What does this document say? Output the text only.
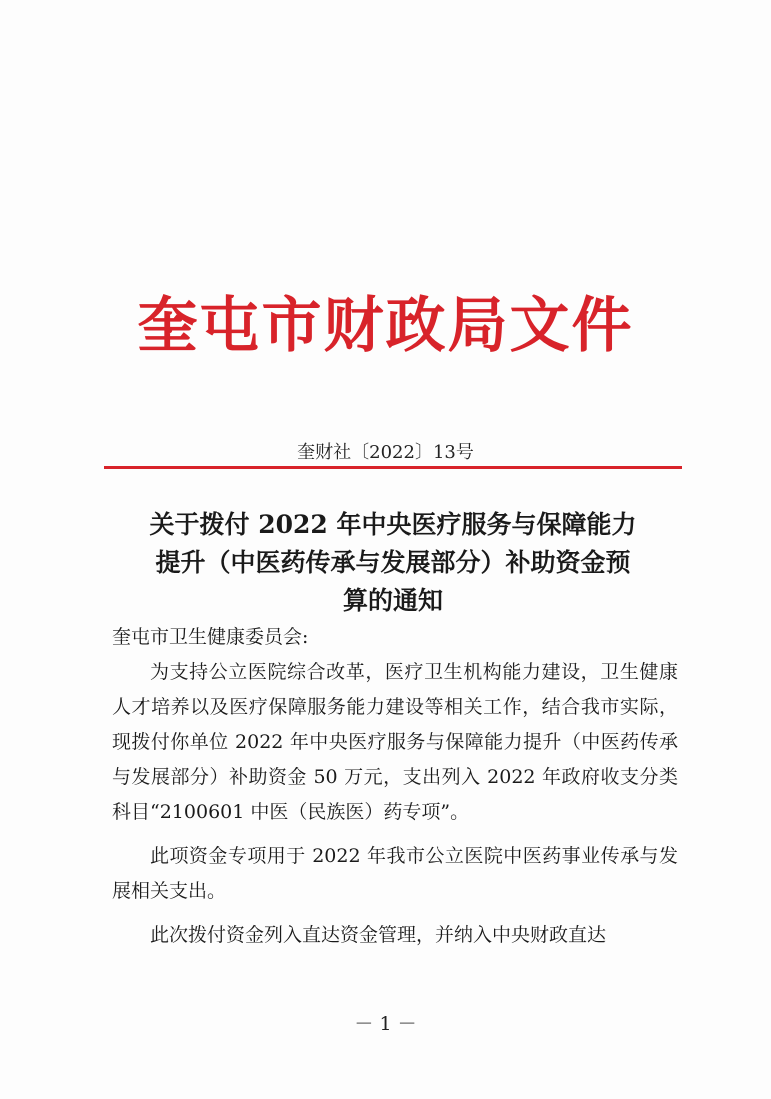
奎屯市财政局文件
奎财社〔2022〕13号
关于拨付 2022 年中央医疗服务与保障能力
提升（中医药传承与发展部分）补助资金预
算的通知

奎屯市卫生健康委员会:

为支持公立医院综合改革，医疗卫生机构能力建设，卫生健康人才培养以及医疗保障服务能力建设等相关工作，结合我市实际，现拨付你单位 2022 年中央医疗服务与保障能力提升（中医药传承与发展部分）补助资金 50 万元，支出列入 2022 年政府收支分类科目“2100601 中医（民族医）药专项”。

此项资金专项用于 2022 年我市公立医院中医药事业传承与发展相关支出。

此次拨付资金列入直达资金管理，并纳入中央财政直达

－ 1 －
